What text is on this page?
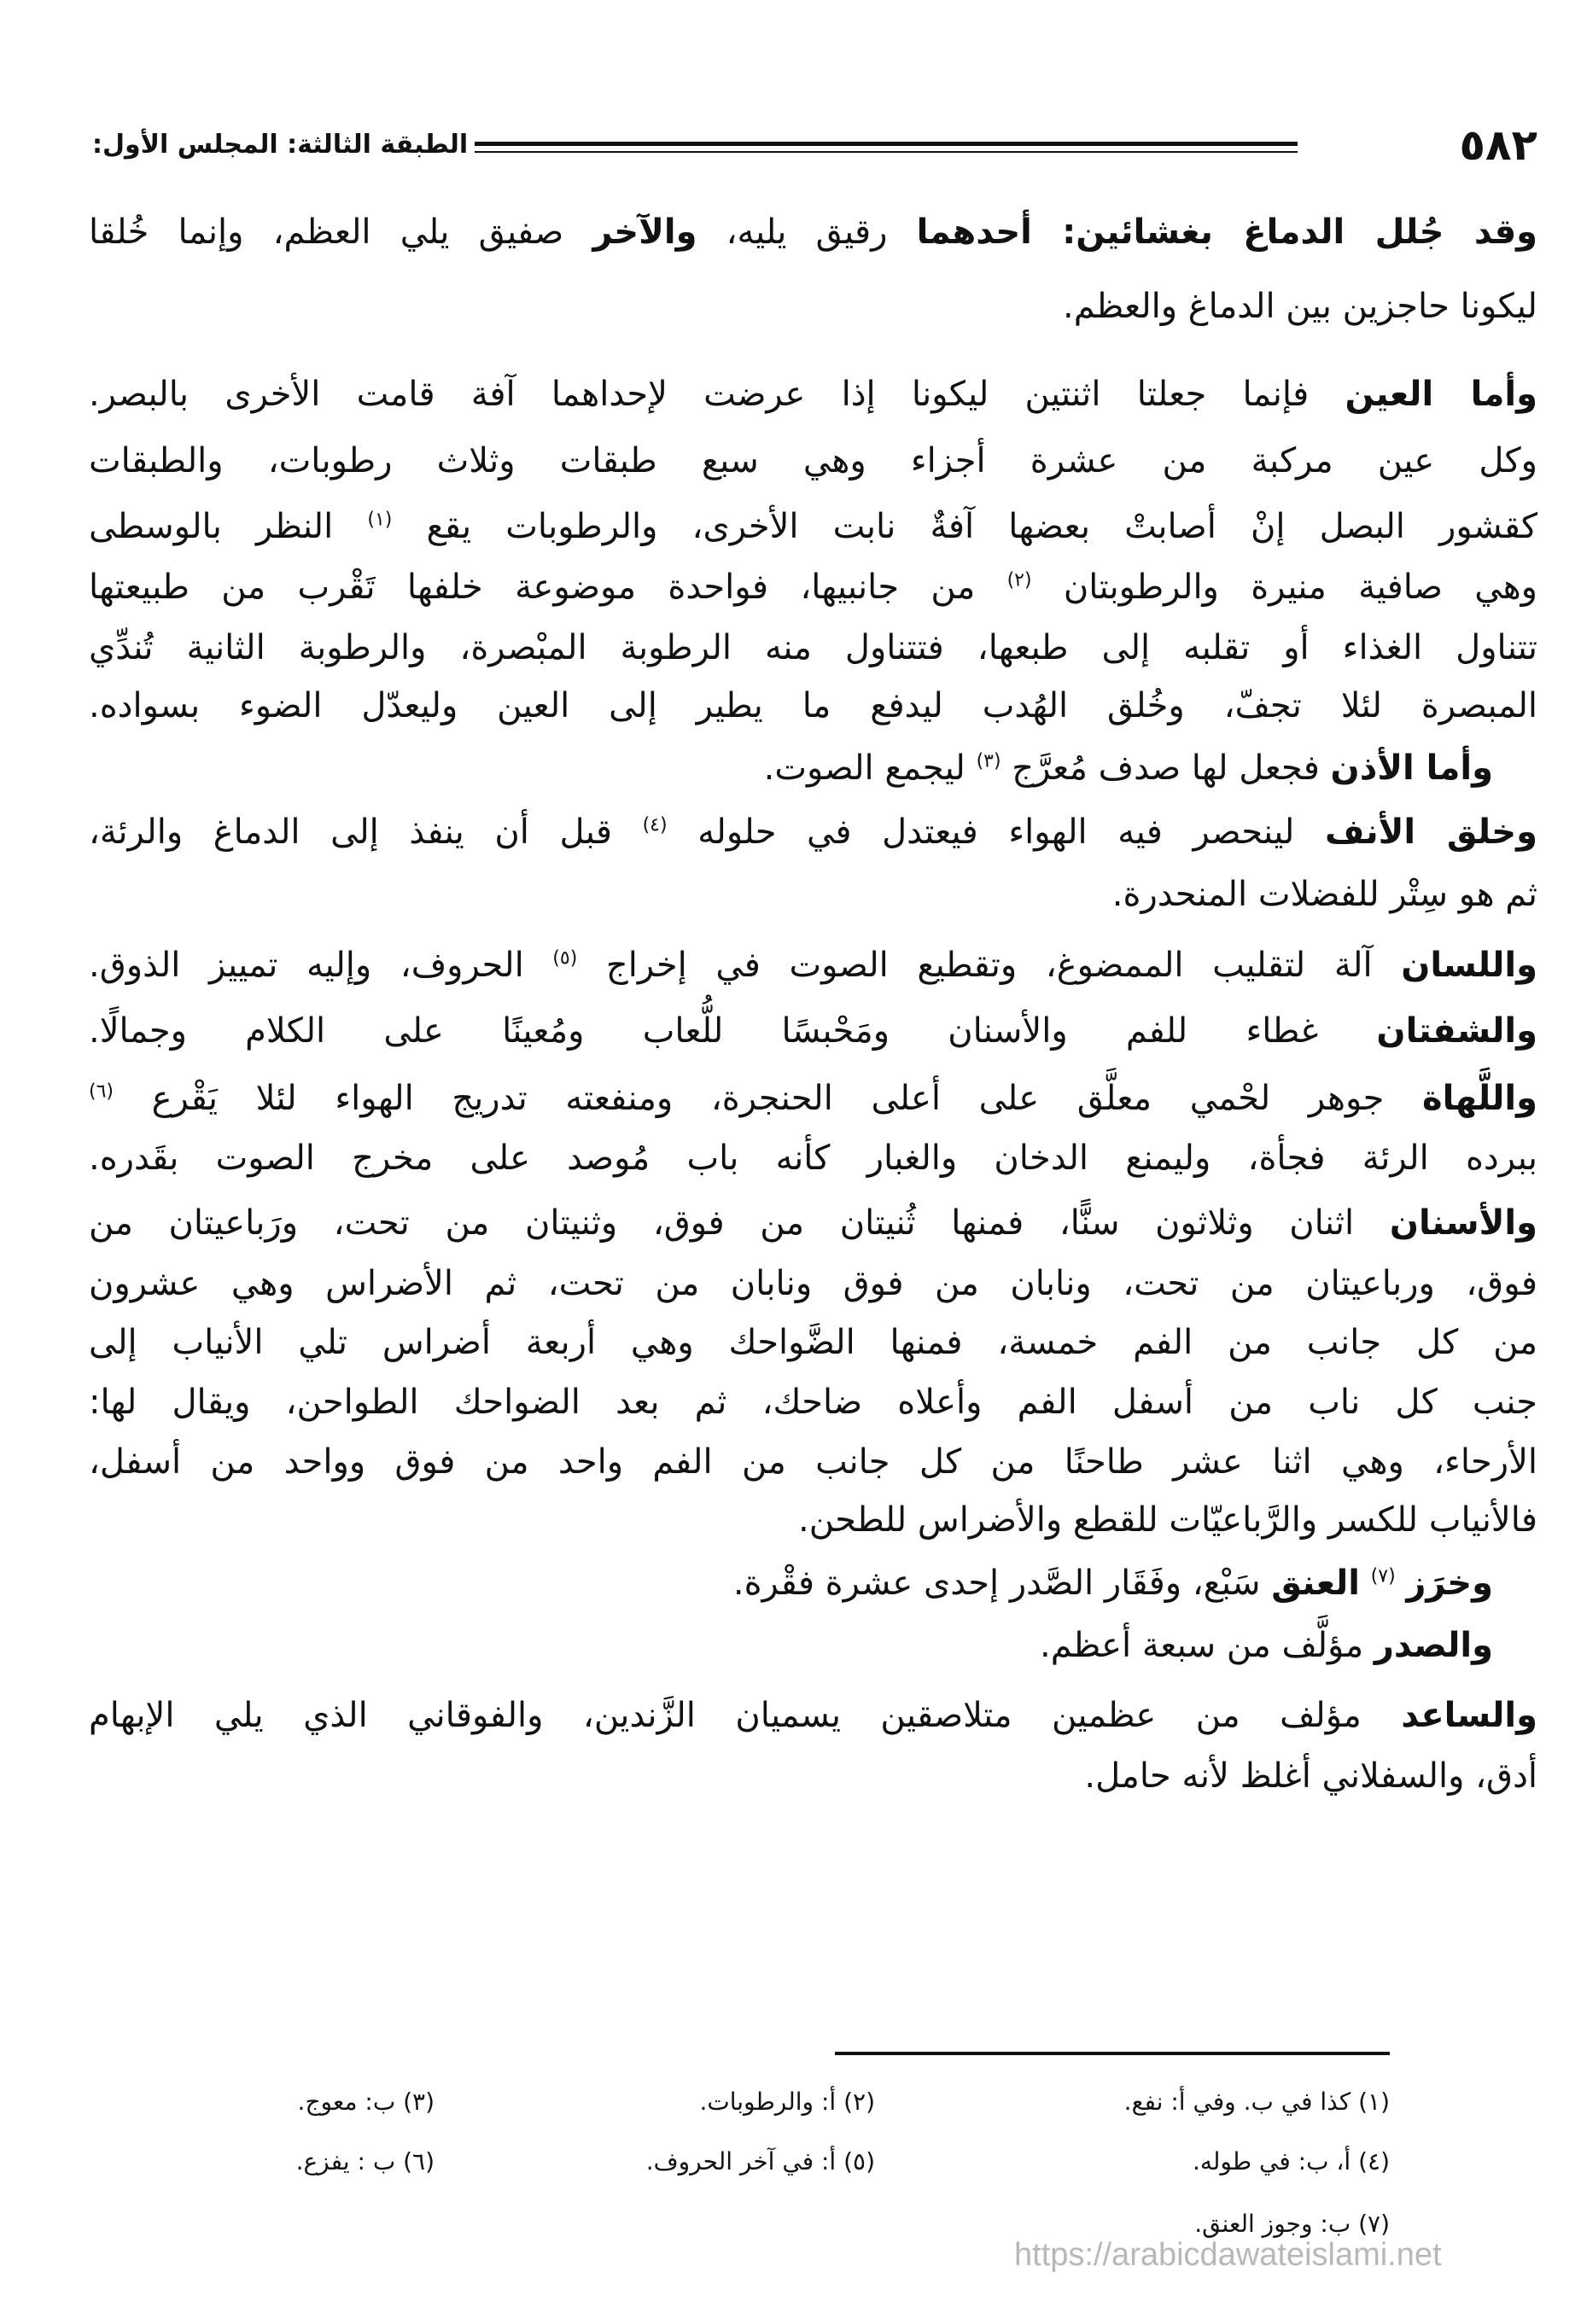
٥٨٢
الطبقة الثالثة: المجلس الأول:
وقد جُلل الدماغ بغشائين: أحدهما رقيق يليه، والآخر صفيق يلي العظم، وإنما خُلقا
ليكونا حاجزين بين الدماغ والعظم.
وأما العين فإنما جعلتا اثنتين ليكونا إذا عرضت لإحداهما آفة قامت الأخرى بالبصر.
وكل عين مركبة من عشرة أجزاء وهي سبع طبقات وثلاث رطوبات، والطبقات
كقشور البصل إنْ أصابتْ بعضها آفةٌ نابت الأخرى، والرطوبات يقع $^{(١)}$ النظر بالوسطى
وهي صافية منيرة والرطوبتان $^{(٢)}$ من جانبيها، فواحدة موضوعة خلفها تَقْرب من طبيعتها
تتناول الغذاء أو تقلبه إلى طبعها، فتتناول منه الرطوبة المبْصرة، والرطوبة الثانية تُندِّي
المبصرة لئلا تجفّ، وخُلق الهُدب ليدفع ما يطير إلى العين وليعدّل الضوء بسواده.
وأما الأذن فجعل لها صدف مُعرَّج $^{(٣)}$ ليجمع الصوت.
وخلق الأنف لينحصر فيه الهواء فيعتدل في حلوله $^{(٤)}$ قبل أن ينفذ إلى الدماغ والرئة،
ثم هو سِتْر للفضلات المنحدرة.
واللسان آلة لتقليب الممضوغ، وتقطيع الصوت في إخراج $^{(٥)}$ الحروف، وإليه تمييز الذوق.
والشفتان غطاء للفم والأسنان ومَحْبسًا للُّعاب ومُعينًا على الكلام وجمالًا.
واللَّهاة جوهر لحْمي معلَّق على أعلى الحنجرة، ومنفعته تدريج الهواء لئلا يَقْرع $^{(٦)}$
ببرده الرئة فجأة، وليمنع الدخان والغبار كأنه باب مُوصد على مخرج الصوت بقَدره.
والأسنان اثنان وثلاثون سنًّا، فمنها ثُنيتان من فوق، وثنيتان من تحت، ورَباعيتان من
فوق، ورباعيتان من تحت، ونابان من فوق ونابان من تحت، ثم الأضراس وهي عشرون
من كل جانب من الفم خمسة، فمنها الضَّواحك وهي أربعة أضراس تلي الأنياب إلى
جنب كل ناب من أسفل الفم وأعلاه ضاحك، ثم بعد الضواحك الطواحن، ويقال لها:
الأرحاء، وهي اثنا عشر طاحنًا من كل جانب من الفم واحد من فوق وواحد من أسفل،
فالأنياب للكسر والرَّباعيّات للقطع والأضراس للطحن.
وخرَز $^{(٧)}$ العنق سَبْع، وفَقَار الصَّدر إحدى عشرة فقْرة.
والصدر مؤلَّف من سبعة أعظم.
والساعد مؤلف من عظمين متلاصقين يسميان الزَّندين، والفوقاني الذي يلي الإبهام
أدق، والسفلاني أغلظ لأنه حامل.
(١) كذا في ب. وفي أ: نفع.
(٢) أ: والرطوبات.
(٣) ب: معوج.
(٤) أ، ب: في طوله.
(٥) أ: في آخر الحروف.
(٦) ب : يفزع.
(٧) ب: وجوز العنق.
https://arabicdawateislami.net
